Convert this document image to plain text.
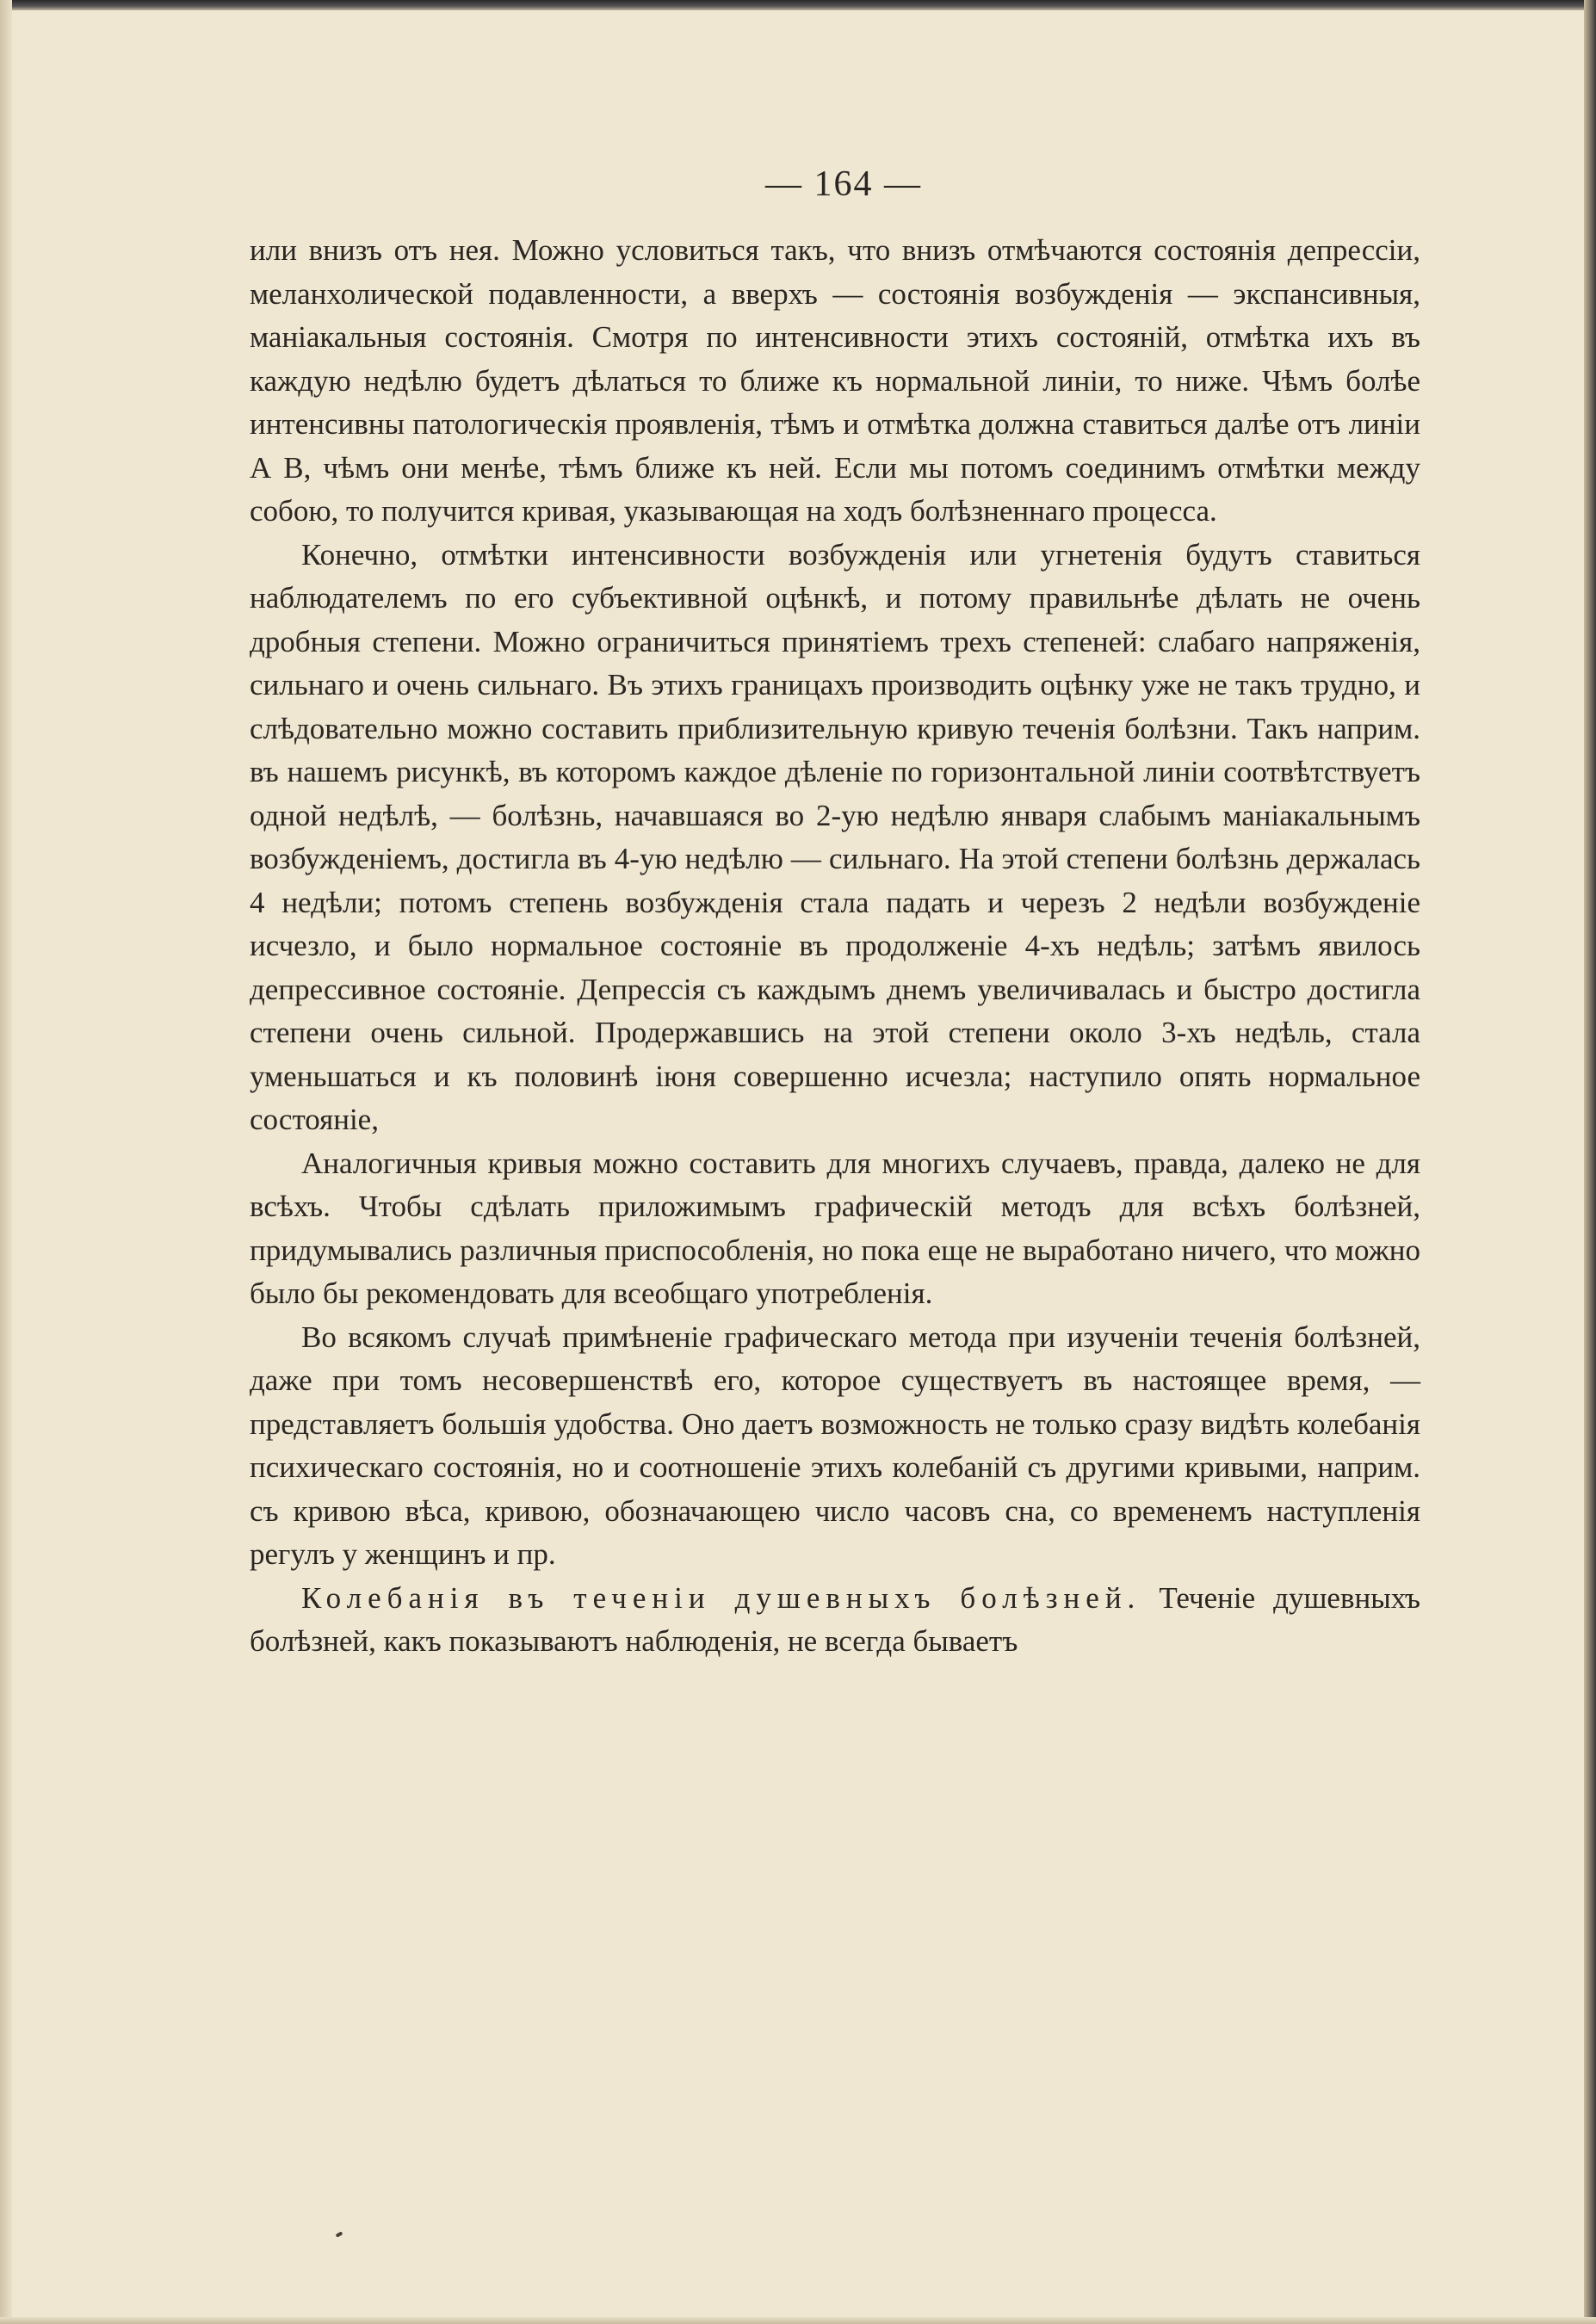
— 164 —

или внизъ отъ нея. Можно условиться такъ, что внизъ отмѣчаются состоянія депрессіи, меланхолической подавленности, а вверхъ — состоянія возбужденія — экспансивныя, маніакальныя состоянія. Смотря по интенсивности этихъ состояній, отмѣтка ихъ въ каждую недѣлю будетъ дѣлаться то ближе къ нормальной линіи, то ниже. Чѣмъ болѣе интенсивны патологическія проявленія, тѣмъ и отмѣтка должна ставиться далѣе отъ линіи А В, чѣмъ они менѣе, тѣмъ ближе къ ней. Если мы потомъ соединимъ отмѣтки между собою, то получится кривая, указывающая на ходъ болѣзненнаго процесса.

Конечно, отмѣтки интенсивности возбужденія или угнетенія будутъ ставиться наблюдателемъ по его субъективной оцѣнкѣ, и потому правильнѣе дѣлать не очень дробныя степени. Можно ограничиться принятіемъ трехъ степеней: слабаго напряженія, сильнаго и очень сильнаго. Въ этихъ границахъ производить оцѣнку уже не такъ трудно, и слѣдовательно можно составить приблизительную кривую теченія болѣзни. Такъ наприм. въ нашемъ рисункѣ, въ которомъ каждое дѣленіе по горизонтальной линіи соотвѣтствуетъ одной недѣлѣ, — болѣзнь, начавшаяся во 2-ую недѣлю января слабымъ маніакальнымъ возбужденіемъ, достигла въ 4-ую недѣлю — сильнаго. На этой степени болѣзнь держалась 4 недѣли; потомъ степень возбужденія стала падать и черезъ 2 недѣли возбужденіе исчезло, и было нормальное состояніе въ продолженіе 4-хъ недѣль; затѣмъ явилось депрессивное состояніе. Депрессія съ каждымъ днемъ увеличивалась и быстро достигла степени очень сильной. Продержавшись на этой степени около 3-хъ недѣль, стала уменьшаться и къ половинѣ іюня совершенно исчезла; наступило опять нормальное состояніе,

Аналогичныя кривыя можно составить для многихъ случаевъ, правда, далеко не для всѣхъ. Чтобы сдѣлать приложимымъ графическій методъ для всѣхъ болѣзней, придумывались различныя приспособленія, но пока еще не выработано ничего, что можно было бы рекомендовать для всеобщаго употребленія.

Во всякомъ случаѣ примѣненіе графическаго метода при изученіи теченія болѣзней, даже при томъ несовершенствѣ его, которое существуетъ въ настоящее время, — представляетъ большія удобства. Оно даетъ возможность не только сразу видѣть колебанія психическаго состоянія, но и соотношеніе этихъ колебаній съ другими кривыми, наприм. съ кривою вѣса, кривою, обозначающею число часовъ сна, со временемъ наступленія регулъ у женщинъ и пр.

Колебанія въ теченіи душевныхъ болѣзней. Теченіе душевныхъ болѣзней, какъ показываютъ наблюденія, не всегда бываетъ
